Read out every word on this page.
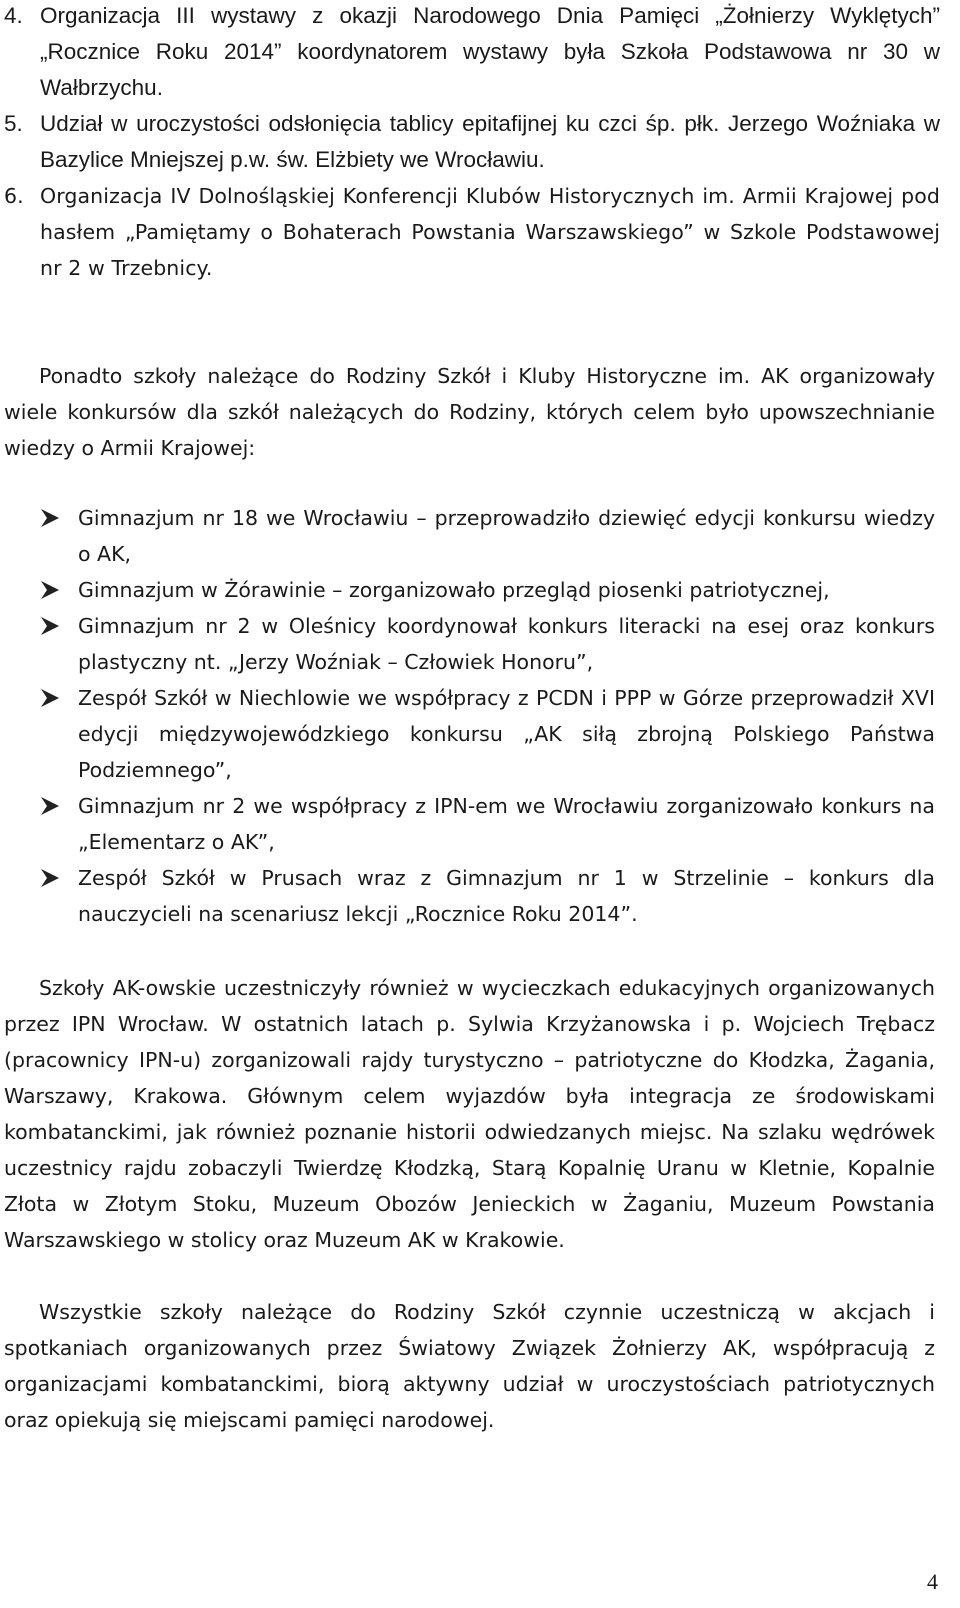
4. Organizacja III wystawy z okazji Narodowego Dnia Pamięci „Żołnierzy Wyklętych” „Rocznice Roku 2014” koordynatorem wystawy była Szkoła Podstawowa nr 30 w Wałbrzychu.
5. Udział w uroczystości odsłonięcia tablicy epitafijnej ku czci śp. płk. Jerzego Woźniaka w Bazylice Mniejszej p.w. św. Elżbiety we Wrocławiu.
6. Organizacja IV Dolnośląskiej Konferencji Klubów Historycznych im. Armii Krajowej pod hasłem „Pamiętamy o Bohaterach Powstania Warszawskiego” w Szkole Podstawowej nr 2 w Trzebnicy.

Ponadto szkoły należące do Rodziny Szkół i Kluby Historyczne im. AK organizowały wiele konkursów dla szkół należących do Rodziny, których celem było upowszechnianie wiedzy o Armii Krajowej:

Gimnazjum nr 18 we Wrocławiu – przeprowadziło dziewięć edycji konkursu wiedzy o AK,
Gimnazjum w Żórawinie – zorganizowało przegląd piosenki patriotycznej,
Gimnazjum nr 2 w Oleśnicy koordynował konkurs literacki na esej oraz konkurs plastyczny nt. „Jerzy Woźniak – Człowiek Honoru”,
Zespół Szkół w Niechlowie we współpracy z PCDN i PPP w Górze przeprowadził XVI edycji międzywojewódzkiego konkursu „AK siłą zbrojną Polskiego Państwa Podziemnego”,
Gimnazjum nr 2 we współpracy z IPN-em we Wrocławiu zorganizowało konkurs na „Elementarz o AK”,
Zespół Szkół w Prusach wraz z Gimnazjum nr 1 w Strzelinie – konkurs dla nauczycieli na scenariusz lekcji „Rocznice Roku 2014”.

Szkoły AK-owskie uczestniczyły również w wycieczkach edukacyjnych organizowanych przez IPN Wrocław. W ostatnich latach p. Sylwia Krzyżanowska i p. Wojciech Trębacz (pracownicy IPN-u) zorganizowali rajdy turystyczno – patriotyczne do Kłodzka, Żagania, Warszawy, Krakowa. Głównym celem wyjazdów była integracja ze środowiskami kombatanckimi, jak również poznanie historii odwiedzanych miejsc. Na szlaku wędrówek uczestnicy rajdu zobaczyli Twierdzę Kłodzką, Starą Kopalnię Uranu w Kletnie, Kopalnie Złota w Złotym Stoku, Muzeum Obozów Jenieckich w Żaganiu, Muzeum Powstania Warszawskiego w stolicy oraz Muzeum AK w Krakowie.

Wszystkie szkoły należące do Rodziny Szkół czynnie uczestniczą w akcjach i spotkaniach organizowanych przez Światowy Związek Żołnierzy AK, współpracują z organizacjami kombatanckimi, biorą aktywny udział w uroczystościach patriotycznych oraz opiekują się miejscami pamięci narodowej.

4
